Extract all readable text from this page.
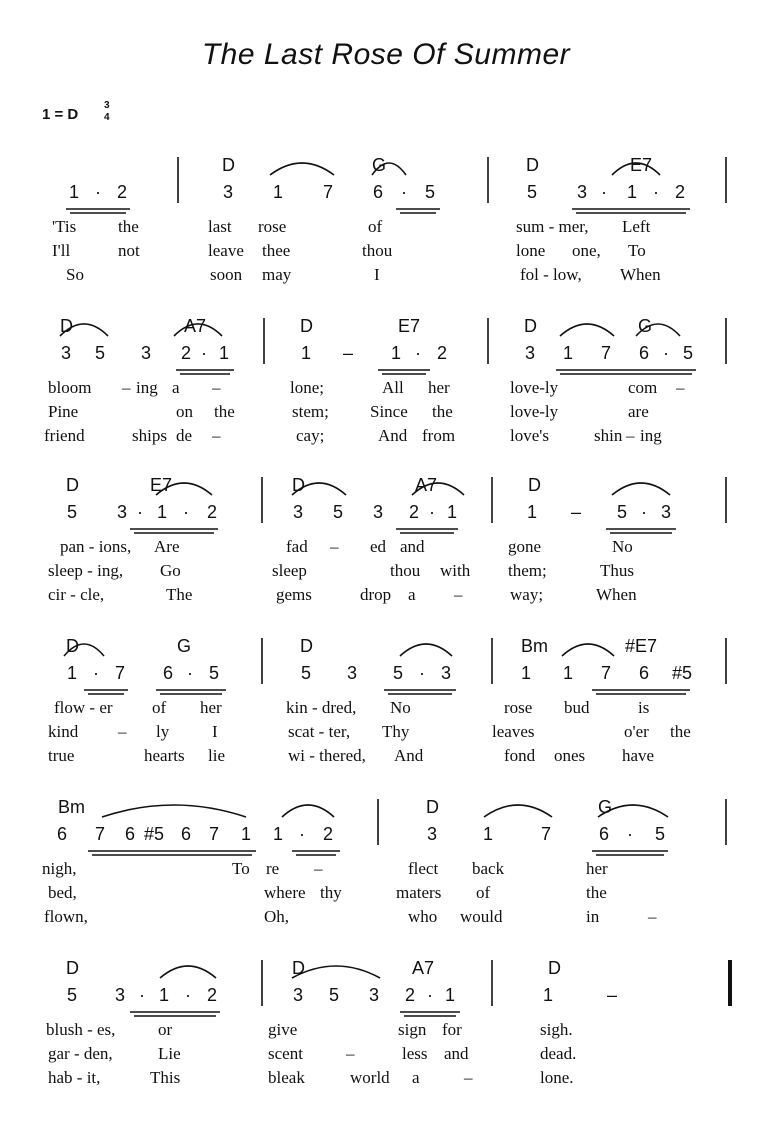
The Last Rose Of Summer
1 = D
3
4
D	G	D	E7
1 · 2	3 1 7 6 · 5	5 3 · 1 · 2
'Tis the	last rose	of	sum - mer, Left
I'll	not	leave thee	thou	lone one, To
So	soon may	I	fol - low, When
D	A7	D	E7	D	G
3 5 3 2 · 1	1 – 1 · 2	3 1 7 6 · 5
bloom – ing a –	lone;	All her	love-ly	com –
Pine	on the	stem; Since the	love-ly	are
friend	ships de –	cay;	And from	love's	shin – ing
D	E7	D	A7	D
5 3 · 1 · 2	3 5 3 2 · 1	1 – 5 · 3
pan - ions, Are	fad – ed and	gone	No
sleep - ing, Go	sleep	thou with them;	Thus
cir - cle,	The	gems	drop a –	way;	When
D	G	D	Bm	#E7
1 · 7 6 · 5	5 3 5 · 3	1 1 7 6 #5
flow - er of her	kin - dred, No	rose bud	is
kind – ly	I	scat - ter, Thy	leaves	o'er the
true	hearts lie	wi - thered, And	fond ones have
Bm	D	G
6 7 6 #5 6 7 1 1 · 2	3	1	7	6 · 5
nigh,	To re –	flect back	her
bed,	where thy	maters of	the
flown,	Oh,	who would	in	–
D	D	A7	D
5 3 · 1 · 2	3 5 3 2 · 1	1	–
blush - es,	or	give	sign for	sigh.
gar - den,	Lie	scent	–	less and	dead.
hab - it,	This	bleak	world a	–	lone.
